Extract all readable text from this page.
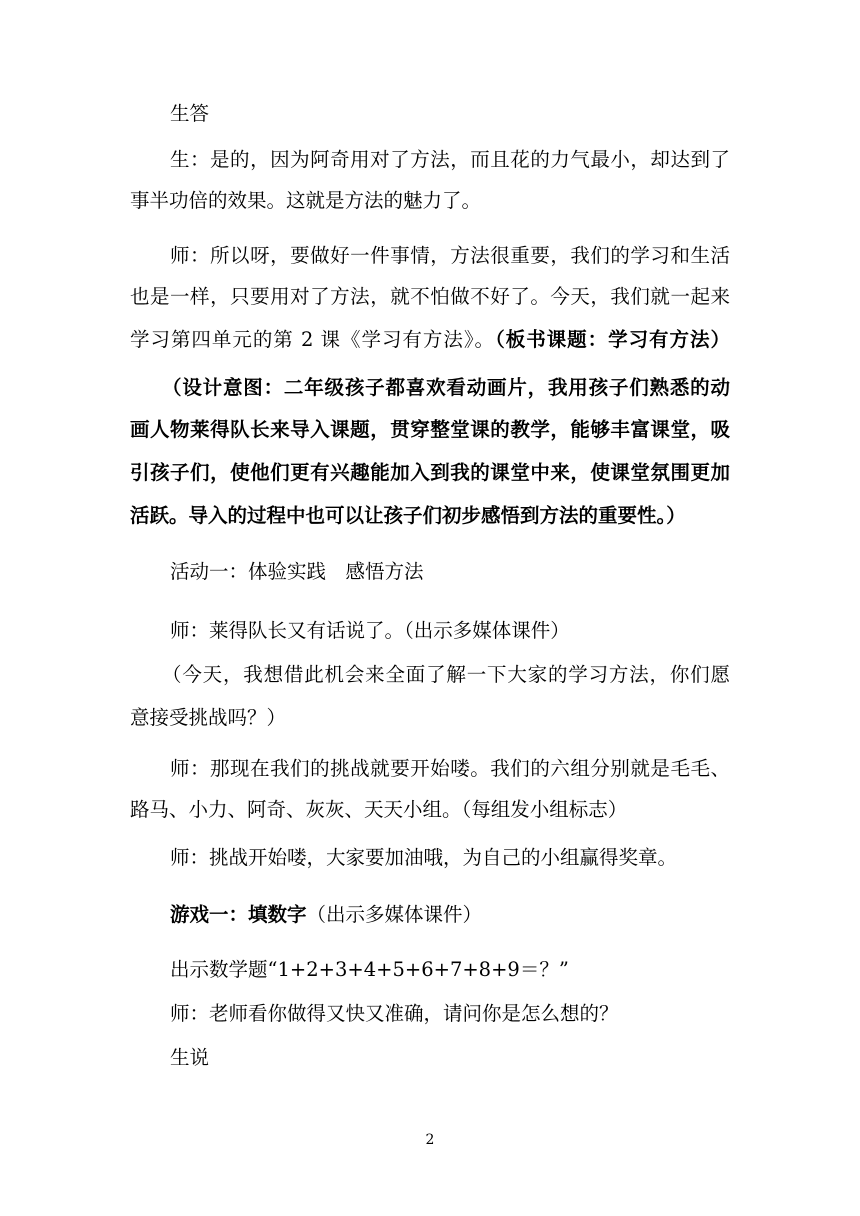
生答
生：是的，因为阿奇用对了方法，而且花的力气最小，却达到了
事半功倍的效果。这就是方法的魅力了。
师：所以呀，要做好一件事情，方法很重要，我们的学习和生活
也是一样，只要用对了方法，就不怕做不好了。今天，我们就一起来
学习第四单元的第 2 课《学习有方法》。（板书课题：学习有方法）
（设计意图：二年级孩子都喜欢看动画片，我用孩子们熟悉的动
画人物莱得队长来导入课题，贯穿整堂课的教学，能够丰富课堂，吸
引孩子们，使他们更有兴趣能加入到我的课堂中来，使课堂氛围更加
活跃。导入的过程中也可以让孩子们初步感悟到方法的重要性。）
活动一：体验实践　感悟方法
师：莱得队长又有话说了。（出示多媒体课件）
（今天，我想借此机会来全面了解一下大家的学习方法，你们愿
意接受挑战吗？）
师：那现在我们的挑战就要开始喽。我们的六组分别就是毛毛、
路马、小力、阿奇、灰灰、天天小组。（每组发小组标志）
师：挑战开始喽，大家要加油哦，为自己的小组赢得奖章。
游戏一：填数字（出示多媒体课件）
出示数学题“1+2+3+4+5+6+7+8+9＝？”
师：老师看你做得又快又准确，请问你是怎么想的？
生说
2
